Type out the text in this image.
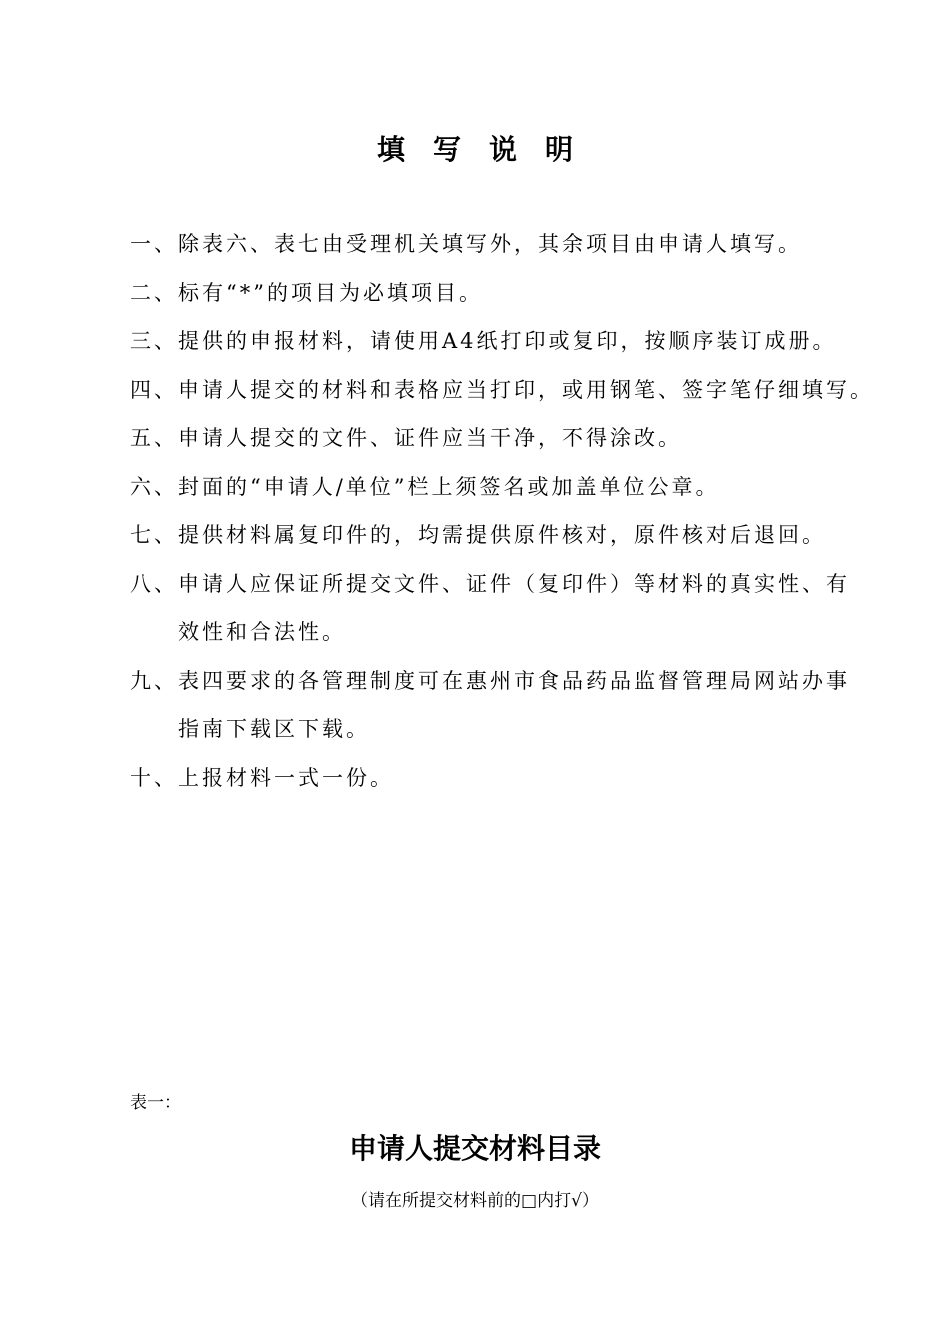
填 写 说 明
一、除表六、表七由受理机关填写外，其余项目由申请人填写。
二、标有“*”的项目为必填项目。
三、提供的申报材料，请使用A4纸打印或复印，按顺序装订成册。
四、申请人提交的材料和表格应当打印，或用钢笔、签字笔仔细填写。
五、申请人提交的文件、证件应当干净，不得涂改。
六、封面的“申请人/单位”栏上须签名或加盖单位公章。
七、提供材料属复印件的，均需提供原件核对，原件核对后退回。
八、申请人应保证所提交文件、证件（复印件）等材料的真实性、有
效性和合法性。
九、表四要求的各管理制度可在惠州市食品药品监督管理局网站办事
指南下载区下载。
十、上报材料一式一份。
表一：
申请人提交材料目录
（请在所提交材料前的□内打√）
